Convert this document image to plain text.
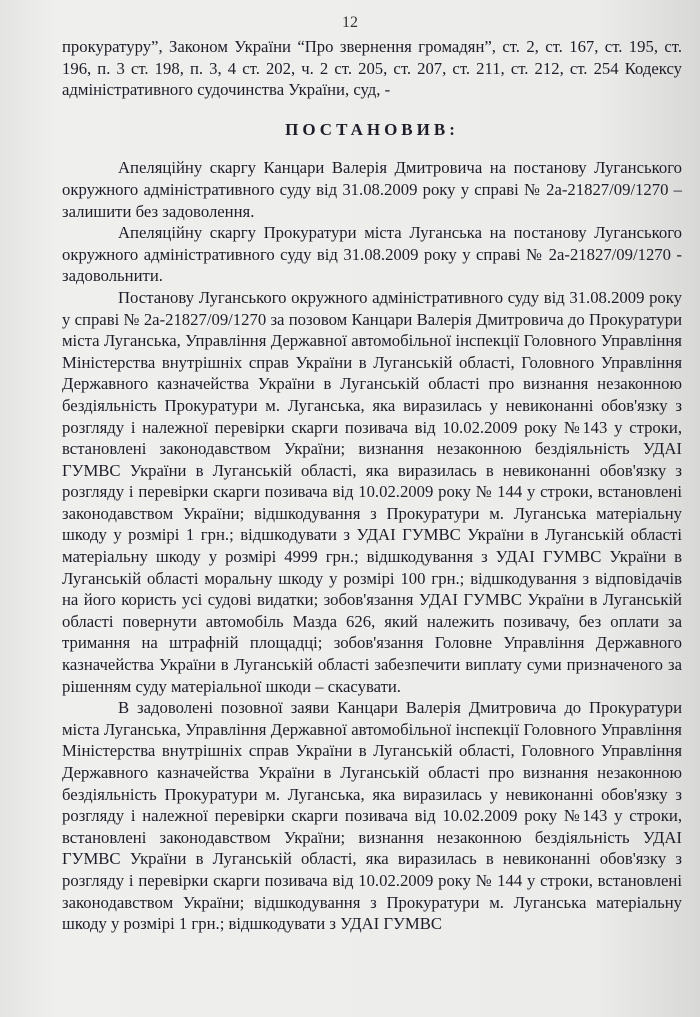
12

прокуратуру”, Законом України “Про звернення громадян”, ст. 2, ст. 167, ст. 195, ст. 196, п. 3 ст. 198, п. 3, 4 ст. 202, ч. 2 ст. 205, ст. 207, ст. 211, ст. 212, ст. 254 Кодексу адміністративного судочинства України, суд, -

ПОСТАНОВИВ:

Апеляційну скаргу Канцари Валерія Дмитровича на постанову Луганського окружного адміністративного суду від 31.08.2009 року у справі № 2а-21827/09/1270 – залишити без задоволення.

Апеляційну скаргу Прокуратури міста Луганська на постанову Луганського окружного адміністративного суду від 31.08.2009 року у справі № 2а-21827/09/1270 - задовольнити.

Постанову Луганського окружного адміністративного суду від 31.08.2009 року у справі № 2а-21827/09/1270 за позовом Канцари Валерія Дмитровича до Прокуратури міста Луганська, Управління Державної автомобільної інспекції Головного Управління Міністерства внутрішніх справ України в Луганській області, Головного Управління Державного казначейства України в Луганській області про визнання незаконною бездіяльність Прокуратури м. Луганська, яка виразилась у невиконанні обов'язку з розгляду і належної перевірки скарги позивача від 10.02.2009 року №143 у строки, встановлені законодавством України; визнання незаконною бездіяльність УДАІ ГУМВС України в Луганській області, яка виразилась в невиконанні обов'язку з розгляду і перевірки скарги позивача від 10.02.2009 року № 144 у строки, встановлені законодавством України; відшкодування з Прокуратури м. Луганська матеріальну шкоду у розмірі 1 грн.; відшкодувати з УДАІ ГУМВС України в Луганській області матеріальну шкоду у розмірі 4999 грн.; відшкодування з УДАІ ГУМВС України в Луганській області моральну шкоду у розмірі 100 грн.; відшкодування з відповідачів на його користь усі судові видатки; зобов'язання УДАІ ГУМВС України в Луганській області повернути автомобіль Мазда 626, який належить позивачу, без оплати за тримання на штрафній площадці; зобов'язання Головне Управління Державного казначейства України в Луганській області забезпечити виплату суми призначеного за рішенням суду матеріальної шкоди – скасувати.

В задоволені позовної заяви Канцари Валерія Дмитровича до Прокуратури міста Луганська, Управління Державної автомобільної інспекції Головного Управління Міністерства внутрішніх справ України в Луганській області, Головного Управління Державного казначейства України в Луганській області про визнання незаконною бездіяльність Прокуратури м. Луганська, яка виразилась у невиконанні обов'язку з розгляду і належної перевірки скарги позивача від 10.02.2009 року №143 у строки, встановлені законодавством України; визнання незаконною бездіяльність УДАІ ГУМВС України в Луганській області, яка виразилась в невиконанні обов'язку з розгляду і перевірки скарги позивача від 10.02.2009 року № 144 у строки, встановлені законодавством України; відшкодування з Прокуратури м. Луганська матеріальну шкоду у розмірі 1 грн.; відшкодувати з УДАІ ГУМВС
